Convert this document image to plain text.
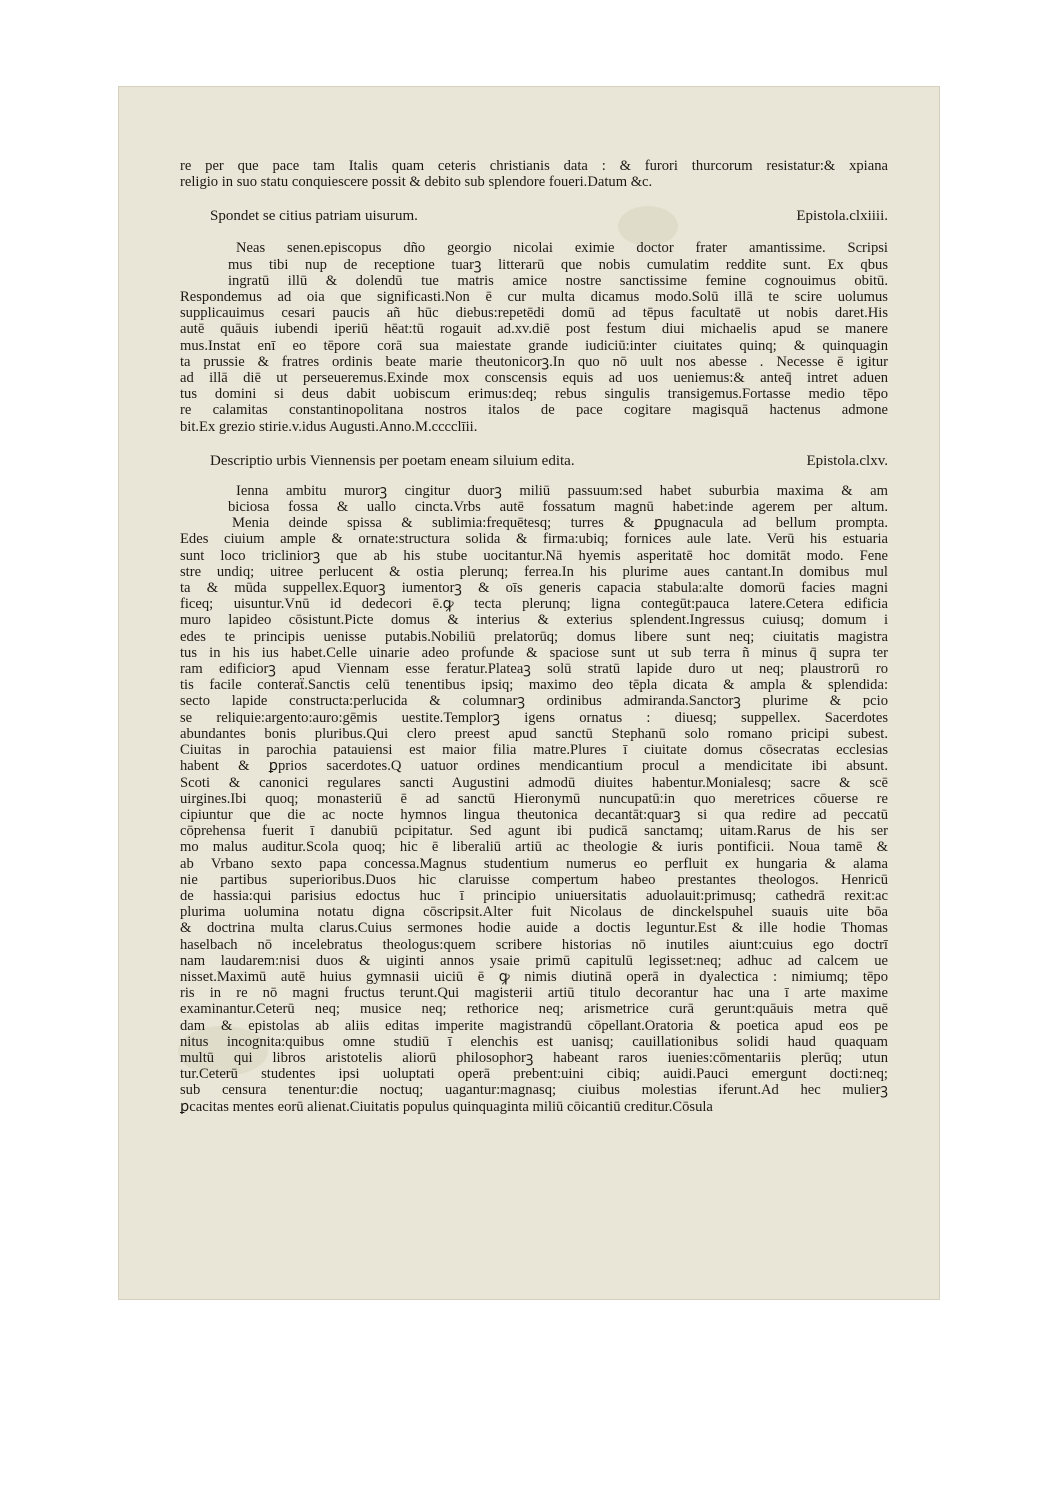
re per que pace tam Italis quam ceteris christianis data : & furori thurcorum resistatur:& xpiana
religio in suo statu conquiescere possit & debito sub splendore foueri.Datum &c.
Spondet se citius patriam uisurum.	Epistola.clxiiii.
Neas senen.episcopus dño georgio nicolai eximie doctor frater amantissime. Scripsi
mus tibi nup de receptione tuarꝫ litterarū que nobis cumulatim reddite sunt. Ex qbus
ingratū illū & dolendū tue matris amice nostre sanctissime femine cognouimus obitū.
Respondemus ad oia que significasti.Non ē cur multa dicamus modo.Solū illā te scire uolumus
supplicauimus cesari paucis añ hūc diebus:repetēdi domū ad tēpus facultatē ut nobis daret.His
autē quāuis iubendi iperiū hēat:tū rogauit ad.xv.diē post festum diui michaelis apud se manere
mus.Instat enī eo tēpore corā sua maiestate grande iudiciū:inter ciuitates quinq; & quinquagin
ta prussie & fratres ordinis beate marie theutonicorꝫ.In quo nō uult nos abesse . Necesse ē igitur
ad illā diē ut perseueremus.Exinde mox conscensis equis ad uos ueniemus:& anteq̄ intret aduen
tus domini si deus dabit uobiscum erimus:deq; rebus singulis transigemus.Fortasse medio tēpo
re calamitas constantinopolitana nostros italos de pace cogitare magisquā hactenus admone
bit.Ex grezio stirie.v.idus Augusti.Anno.M.cccclīii.
Descriptio urbis Viennensis per poetam eneam siluium edita.	Epistola.clxv.
Ienna ambitu murorꝫ cingitur duorꝫ miliū passuum:sed habet suburbia maxima & am
biciosa fossa & uallo cincta.Vrbs autē fossatum magnū habet:inde agerem per altum.
Menia deinde spissa & sublimia:frequētesq; turres & ꝑpugnacula ad bellum prompta.
Edes ciuium ample & ornate:structura solida & firma:ubiq; fornices aule late. Verū his estuaria
sunt loco tricliniorꝫ que ab his stube uocitantur.Nā hyemis asperitatē hoc domitāt modo. Fene
stre undiq; uitree perlucent & ostia plerunq; ferrea.In his plurime aues cantant.In domibus mul
ta & mūda suppellex.Equorꝫ iumentorꝫ & oīs generis capacia stabula:alte domorū facies magni
ficeq; uisuntur.Vnū id dedecori ē.ꝙ tecta plerunq; ligna contegūt:pauca latere.Cetera edificia
muro lapideo cōsistunt.Picte domus & interius & exterius splendent.Ingressus cuiusq; domum i
edes te principis uenisse putabis.Nobiliū prelatorūq; domus libere sunt neq; ciuitatis magistra
tus in his ius habet.Celle uinarie adeo profunde & spaciose sunt ut sub terra ñ minus q̄ supra ter
ram edificiorꝫ apud Viennam esse feratur.Plateaꝫ solū stratū lapide duro ut neq; plaustrorū ro
tis facile conteraẗ.Sanctis celū tenentibus ipsiq; maximo deo tēpla dicata & ampla & splendida:
secto lapide constructa:perlucida & columnarꝫ ordinibus admiranda.Sanctorꝫ plurime & pcio
se reliquie:argento:auro:gēmis uestite.Templorꝫ igens ornatus : diuesq; suppellex. Sacerdotes
abundantes bonis pluribus.Qui clero preest apud sanctū Stephanū solo romano pricipi subest.
Ciuitas in parochia patauiensi est maior filia matre.Plures ī ciuitate domus cōsecratas ecclesias
habent & ꝑprios sacerdotes.Q uatuor ordines mendicantium procul a mendicitate ibi absunt.
Scoti & canonici regulares sancti Augustini admodū diuites habentur.Monialesq; sacre & scē
uirgines.Ibi quoq; monasteriū ē ad sanctū Hieronymū nuncupatū:in quo meretrices cōuerse re
cipiuntur que die ac nocte hymnos lingua theutonica decantāt:quarꝫ si qua redire ad peccatū
cōprehensa fuerit ī danubiū pcipitatur. Sed agunt ibi pudicā sanctamq; uitam.Rarus de his ser
mo malus auditur.Scola quoq; hic ē liberaliū artiū ac theologie & iuris pontificii. Noua tamē &
ab Vrbano sexto papa concessa.Magnus studentium numerus eo perfluit ex hungaria & alama
nie partibus superioribus.Duos hic claruisse compertum habeo prestantes theologos. Henricū
de hassia:qui parisius edoctus huc ī principio uniuersitatis aduolauit:primusq; cathedrā rexit:ac
plurima uolumina notatu digna cōscripsit.Alter fuit Nicolaus de dinckelspuhel suauis uite bōa
& doctrina multa clarus.Cuius sermones hodie auide a doctis leguntur.Est & ille hodie Thomas
haselbach nō incelebratus theologus:quem scribere historias nō inutiles aiunt:cuius ego doctrī
nam laudarem:nisi duos & uiginti annos ysaie primū capitulū legisset:neq; adhuc ad calcem ue
nisset.Maximū autē huius gymnasii uiciū ē ꝙ nimis diutinā operā in dyalectica : nimiumq; tēpo
ris in re nō magni fructus terunt.Qui magisterii artiū titulo decorantur hac una ī arte maxime
examinantur.Ceterū neq; musice neq; rethorice neq; arismetrice curā gerunt:quāuis metra quē
dam & epistolas ab aliis editas imperite magistrandū cōpellant.Oratoria & poetica apud eos pe
nitus incognita:quibus omne studiū ī elenchis est uanisq; cauillationibus solidi haud quaquam
multū qui libros aristotelis aliorū philosophorꝫ habeant raros iuenies:cōmentariis plerūq; utun
tur.Ceterū studentes ipsi uoluptati operā prebent:uini cibiq; auidi.Pauci emergunt docti:neq;
sub censura tenentur:die noctuq; uagantur:magnasq; ciuibus molestias iferunt.Ad hec mulierꝫ
ꝑcacitas mentes eorū alienat.Ciuitatis populus quinquaginta miliū cōicantiū creditur.Cōsula
